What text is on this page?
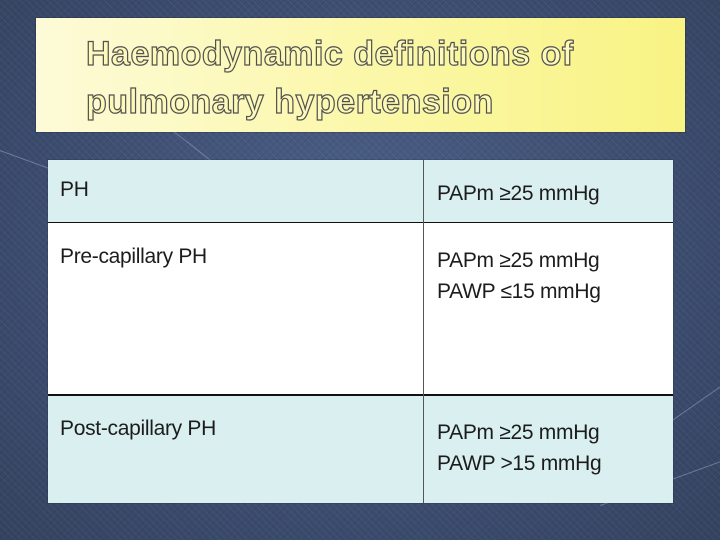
Haemodynamic definitions of
pulmonary hypertension
PH	PAPm ≥25 mmHg
Pre-capillary PH	PAPm ≥25 mmHg
PAWP ≤15 mmHg
Post-capillary PH	PAPm ≥25 mmHg
PAWP >15 mmHg
